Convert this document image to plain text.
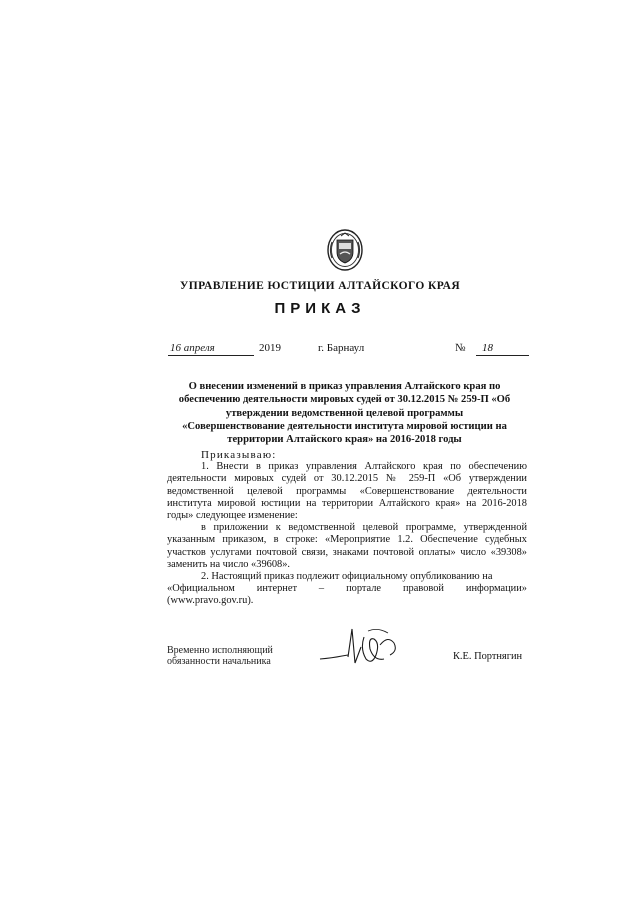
УПРАВЛЕНИЕ ЮСТИЦИИ АЛТАЙСКОГО КРАЯ
ПРИКАЗ
16 апреля	2019	г. Барнаул	№	18
О внесении изменений в приказ управления Алтайского края по
обеспечению деятельности мировых судей от 30.12.2015 № 259-П «Об
утверждении ведомственной целевой программы
«Совершенствование деятельности института мировой юстиции на
территории Алтайского края» на 2016-2018 годы
Приказываю:

1. Внести в приказ управления Алтайского края по обеспечению деятельности мировых судей от 30.12.2015 № 259-П «Об утверждении ведомственной целевой программы «Совершенствование деятельности института мировой юстиции на территории Алтайского края» на 2016-2018 годы» следующее изменение:

в приложении к ведомственной целевой программе, утвержденной указанным приказом, в строке: «Мероприятие 1.2. Обеспечение судебных участков услугами почтовой связи, знаками почтовой оплаты» число «39308» заменить на число «39608».

2. Настоящий приказ подлежит официальному опубликованию на

«Официальном интернет – портале правовой информации»

(www.pravo.gov.ru).

Временно исполняющий
обязанности начальника	К.Е. Портнягин
